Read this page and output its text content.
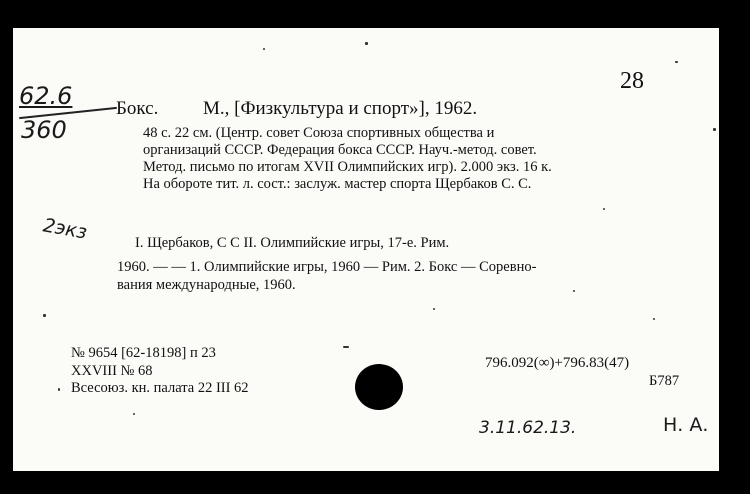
28
62.6
360
Бокс. М., [Физкультура и спорт»], 1962.
48 с. 22 см. (Центр. совет Союза спортивных общества и
организаций СССР. Федерация бокса СССР. Науч.-метод. совет.
Метод. письмо по итогам XVII Олимпийских игр). 2.000 экз. 16 к.
На обороте тит. л. сост.: заслуж. мастер спорта Щербаков С. С.
2экз	I. Щербаков, С С II. Олимпийские игры, 17-е. Рим.
1960. — — 1. Олимпийские игры, 1960 — Рим. 2. Бокс — Соревно-
вания международные, 1960.
№ 9654 [62-18198] п 23
XXVIII № 68
Всесоюз. кн. палата 22 III 62
796.092(∞)+796.83(47)
Б787
3.11.62.13.	Н. А.
